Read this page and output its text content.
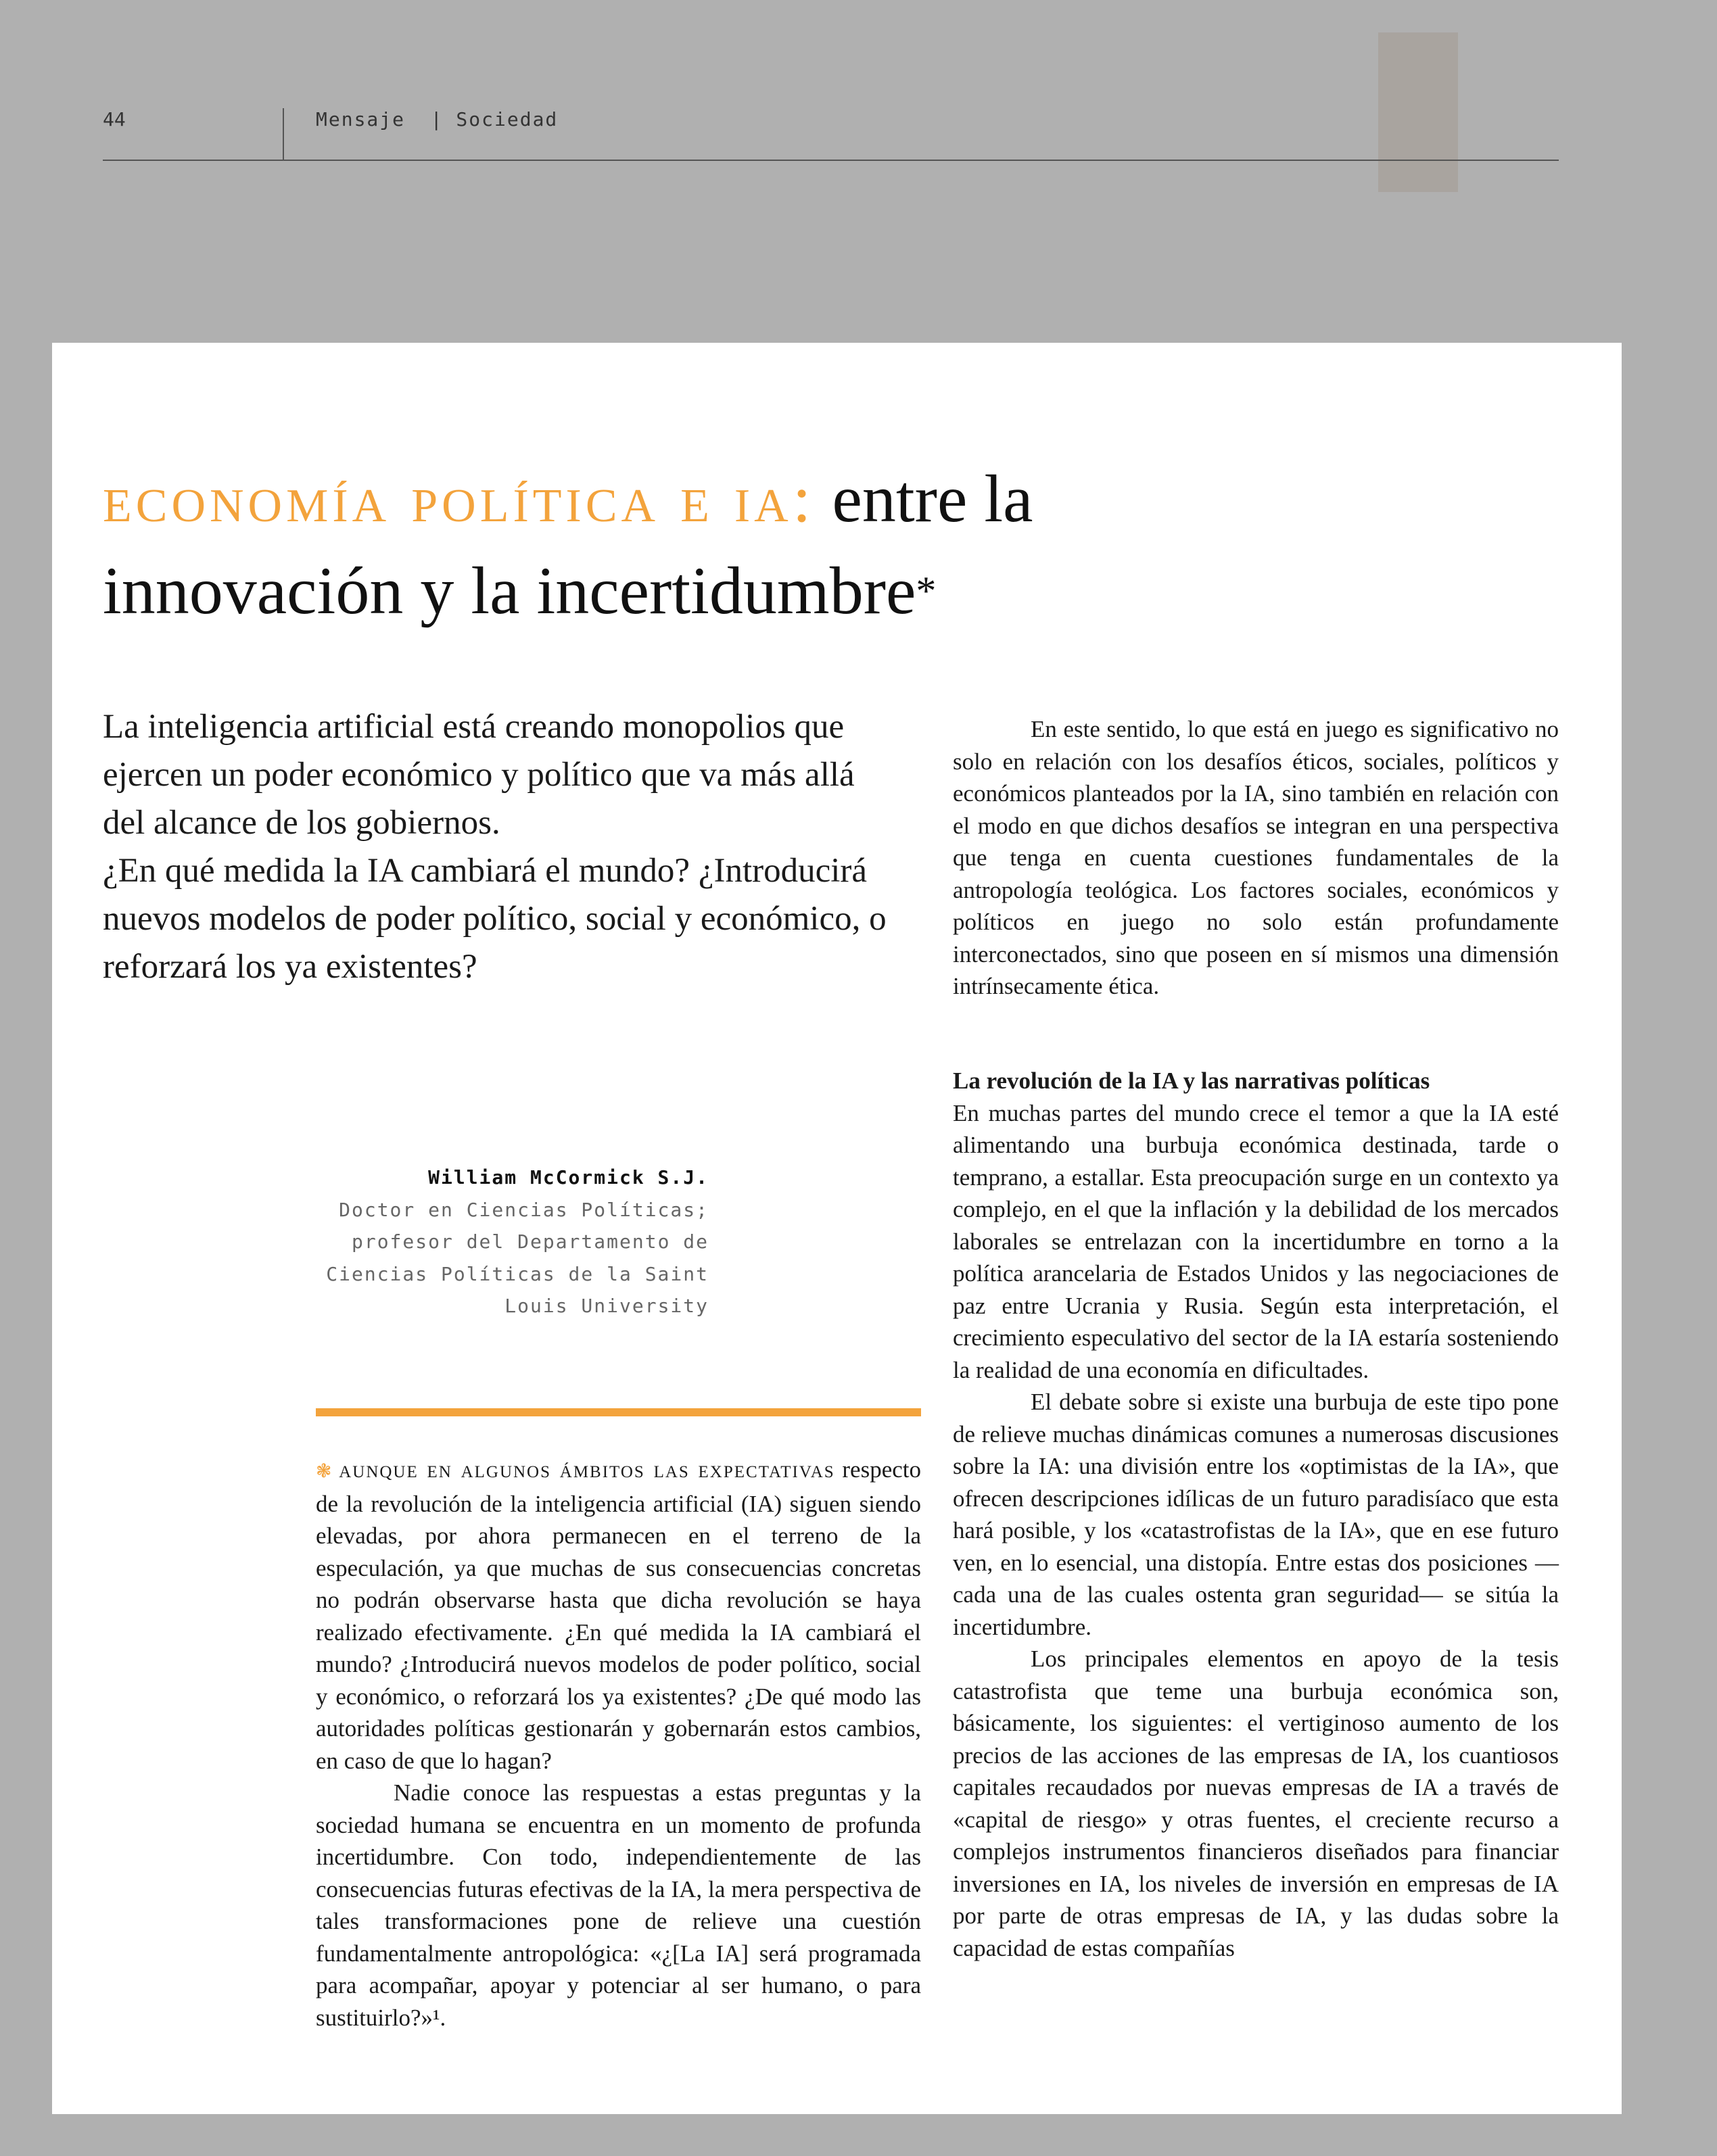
44	Mensaje  | Sociedad
economía política e ia: entre la
innovación y la incertidumbre*

La inteligencia artificial está creando monopolios que ejercen un poder económico y político que va más allá del alcance de los gobiernos.

¿En qué medida la IA cambiará el mundo? ¿Introducirá nuevos modelos de poder político, social y económico, o reforzará los ya existentes?

En este sentido, lo que está en juego es significativo no solo en relación con los desafíos éticos, sociales, políticos y económicos planteados por la IA, sino también en relación con el modo en que dichos desafíos se integran en una perspectiva que tenga en cuenta cuestiones fundamentales de la antropología teológica. Los factores sociales, económicos y políticos en juego no solo están profundamente interconectados, sino que poseen en sí mismos una dimensión intrínsecamente ética.

La revolución de la IA y las narrativas políticas

En muchas partes del mundo crece el temor a que la IA esté alimentando una burbuja económica destinada, tarde o temprano, a estallar. Esta preocupación surge en un contexto ya complejo, en el que la inflación y la debilidad de los mercados laborales se entrelazan con la incertidumbre en torno a la política arancelaria de Estados Unidos y las negociaciones de paz entre Ucrania y Rusia. Según esta interpretación, el crecimiento especulativo del sector de la IA estaría sosteniendo la realidad de una economía en dificultades.

El debate sobre si existe una burbuja de este tipo pone de relieve muchas dinámicas comunes a numerosas discusiones sobre la IA: una división entre los «optimistas de la IA», que ofrecen descripciones idílicas de un futuro paradisíaco que esta hará posible, y los «catastrofistas de la IA», que en ese futuro ven, en lo esencial, una distopía. Entre estas dos posiciones —cada una de las cuales ostenta gran seguridad— se sitúa la incertidumbre.

Los principales elementos en apoyo de la tesis catastrofista que teme una burbuja económica son, básicamente, los siguientes: el vertiginoso aumento de los precios de las acciones de las empresas de IA, los cuantiosos capitales recaudados por nuevas empresas de IA a través de «capital de riesgo» y otras fuentes, el creciente recurso a complejos instrumentos financieros diseñados para financiar inversiones en IA, los niveles de inversión en empresas de IA por parte de otras empresas de IA, y las dudas sobre la capacidad de estas compañías

William McCormick S.J.
Doctor en Ciencias Políticas; profesor del Departamento de Ciencias Políticas de la Saint Louis University

❃ aunque en algunos ámbitos las expectativas respecto de la revolución de la inteligencia artificial (IA) siguen siendo elevadas, por ahora permanecen en el terreno de la especulación, ya que muchas de sus consecuencias concretas no podrán observarse hasta que dicha revolución se haya realizado efectivamente. ¿En qué medida la IA cambiará el mundo? ¿Introducirá nuevos modelos de poder político, social y económico, o reforzará los ya existentes? ¿De qué modo las autoridades políticas gestionarán y gobernarán estos cambios, en caso de que lo hagan?

Nadie conoce las respuestas a estas preguntas y la sociedad humana se encuentra en un momento de profunda incertidumbre. Con todo, independientemente de las consecuencias futuras efectivas de la IA, la mera perspectiva de tales transformaciones pone de relieve una cuestión fundamentalmente antropológica: «¿[La IA] será programada para acompañar, apoyar y potenciar al ser humano, o para sustituirlo?»¹.
